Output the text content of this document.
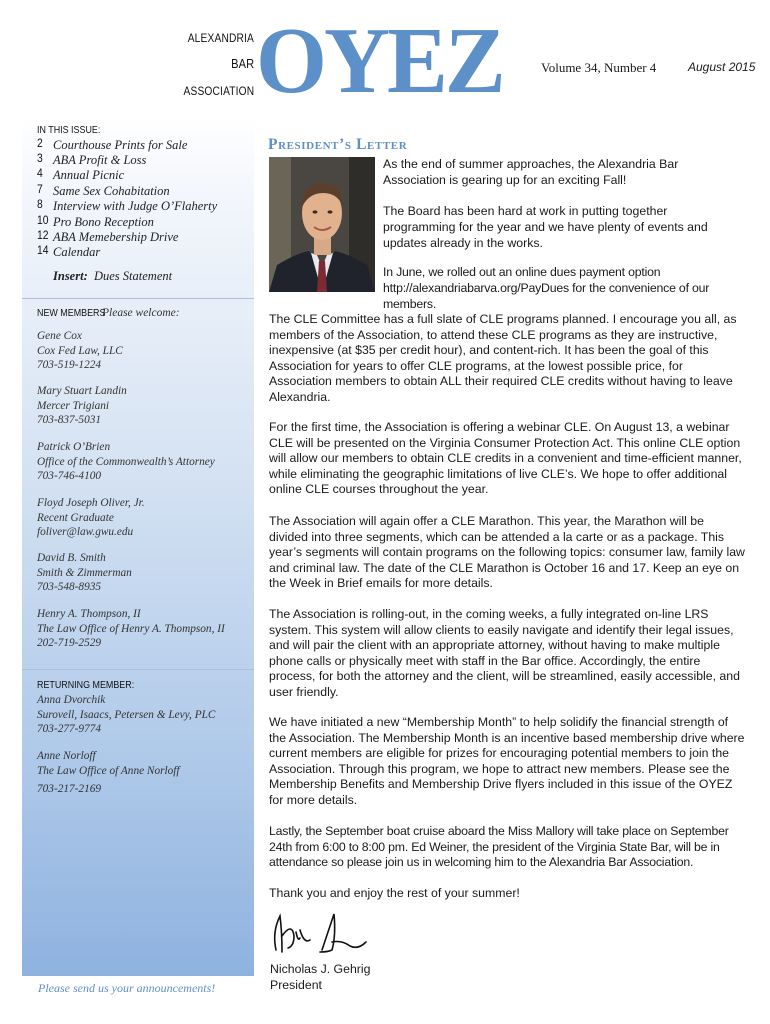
ALEXANDRIA
BAR
ASSOCIATION OYEZ	Volume 34, Number 4	August 2015
IN THIS ISSUE:
2 Courthouse Prints for Sale
3 ABA Profit & Loss
4 Annual Picnic
7 Same Sex Cohabitation
8 Interview with Judge O’Flaherty
10 Pro Bono Reception
12 ABA Memebership Drive
14 Calendar
Insert: Dues Statement
NEW MEMBERS
Please welcome:
Gene Cox
Cox Fed Law, LLC
703-519-1224
Mary Stuart Landin
Mercer Trigiani
703-837-5031
Patrick O’Brien
Office of the Commonwealth’s Attorney
703-746-4100
Floyd Joseph Oliver, Jr.
Recent Graduate
foliver@law.gwu.edu
David B. Smith
Smith & Zimmerman
703-548-8935
Henry A. Thompson, II
The Law Office of Henry A. Thompson, II
202-719-2529
RETURNING MEMBER:
Anna Dvorchik
Surovell, Isaacs, Petersen & Levy, PLC
703-277-9774
Anne Norloff
The Law Office of Anne Norloff
703-217-2169
Please send us your announcements!
President’s Letter

As the end of summer approaches, the Alexandria Bar Association is gearing up for an exciting Fall!

The Board has been hard at work in putting together programming for the year and we have plenty of events and updates already in the works.

In June, we rolled out an online dues payment option http://alexandriabarva.org/PayDues for the convenience of our members.

The CLE Committee has a full slate of CLE programs planned. I encourage you all, as members of the Association, to attend these CLE programs as they are instructive, inexpensive (at $35 per credit hour), and content-rich. It has been the goal of this Association for years to offer CLE programs, at the lowest possible price, for Association members to obtain ALL their required CLE credits without having to leave Alexandria.

For the first time, the Association is offering a webinar CLE. On August 13, a webinar CLE will be presented on the Virginia Consumer Protection Act. This online CLE option will allow our members to obtain CLE credits in a convenient and time-efficient manner, while eliminating the geographic limitations of live CLE’s. We hope to offer additional online CLE courses throughout the year.

The Association will again offer a CLE Marathon. This year, the Marathon will be divided into three segments, which can be attended a la carte or as a package. This year’s segments will contain programs on the following topics: consumer law, family law and criminal law. The date of the CLE Marathon is October 16 and 17. Keep an eye on the Week in Brief emails for more details.

The Association is rolling-out, in the coming weeks, a fully integrated on-line LRS system. This system will allow clients to easily navigate and identify their legal issues, and will pair the client with an appropriate attorney, without having to make multiple phone calls or physically meet with staff in the Bar office. Accordingly, the entire process, for both the attorney and the client, will be streamlined, easily accessible, and user friendly.

We have initiated a new “Membership Month” to help solidify the financial strength of the Association. The Membership Month is an incentive based membership drive where current members are eligible for prizes for encouraging potential members to join the Association. Through this program, we hope to attract new members. Please see the Membership Benefits and Membership Drive flyers included in this issue of the OYEZ for more details.

Lastly, the September boat cruise aboard the Miss Mallory will take place on September 24th from 6:00 to 8:00 pm. Ed Weiner, the president of the Virginia State Bar, will be in attendance so please join us in welcoming him to the Alexandria Bar Association.

Thank you and enjoy the rest of your summer!

Nicholas J. Gehrig
President
